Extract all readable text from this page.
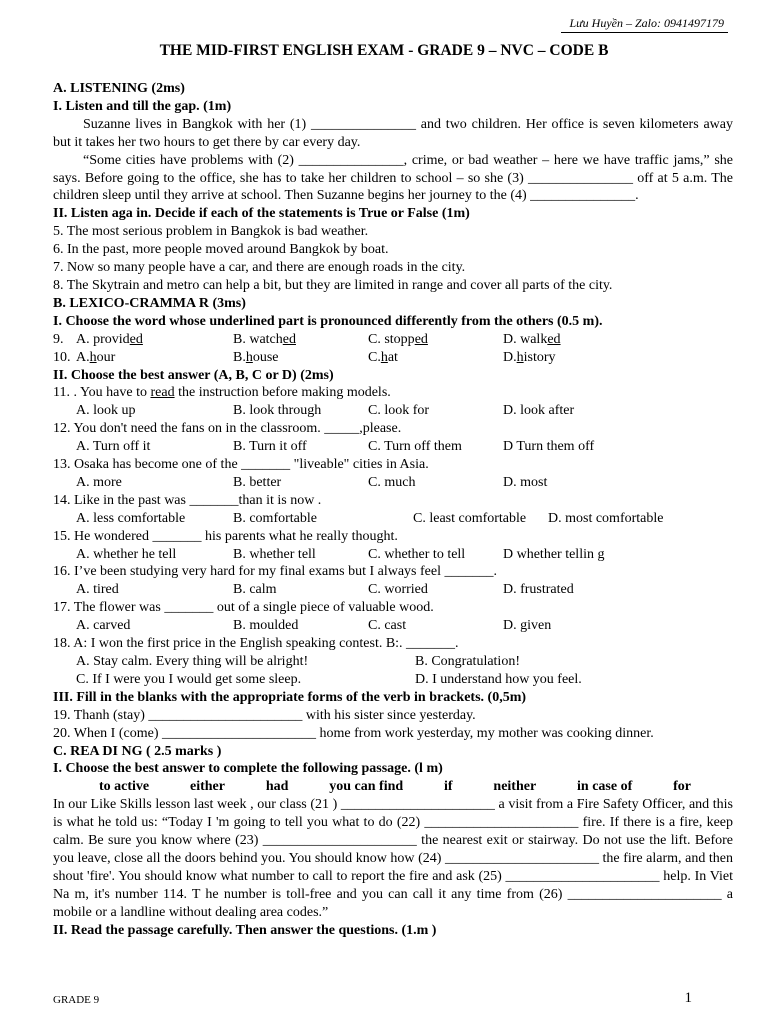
Lưu Huyền – Zalo: 0941497179
THE MID-FIRST ENGLISH EXAM - GRADE 9 – NVC – CODE B
A. LISTENING (2ms)
I. Listen and till the gap. (1m)
Suzanne lives in Bangkok with her (1) _______________ and two children. Her office is seven kilometers away but it takes her two hours to get there by car every day.
“Some cities have problems with (2) _______________, crime, or bad weather – here we have traffic jams,” she says. Before going to the office, she has to take her children to school – so she (3) _______________ off at 5 a.m. The children sleep until they arrive at school. Then Suzanne begins her journey to the (4) _______________.
II. Listen aga in. Decide if each of the statements is True or False (1m)
5. The most serious problem in Bangkok is bad weather.
6. In the past, more people moved around Bangkok by boat.
7. Now so many people have a car, and there are enough roads in the city.
8. The Skytrain and metro can help a bit, but they are limited in range and cover all parts of the city.
B. LEXICO-CRAMMA R (3ms)
I. Choose the word whose underlined part is pronounced differently from the others (0.5 m).
9. A. provided	B. watched	C. stopped	D. walked
10. A.hour	B.house	C.hat	D.history
II. Choose the best answer (A, B, C or D) (2ms)
11. . You have to read the instruction before making models.
A. look up	B. look through	C. look for	D. look after
12. You don't need the fans on in the classroom. _____,please.
A. Turn off it	B. Turn it off	C. Turn off them	D Turn them off
13. Osaka has become one of the _______ "liveable" cities in Asia.
A. more	B. better	C. much	D. most
14. Like in the past was _______than it is now .
A. less comfortable	B. comfortable	C. least comfortable	D. most comfortable
15. He wondered _______ his parents what he really thought.
A. whether he tell	B. whether tell	C. whether to tell	D whether tellin g
16. I’ve been studying very hard for my final exams but I always feel _______.
A. tired	B. calm	C. worried	D. frustrated
17. The flower was _______ out of a single piece of valuable wood.
A. carved	B. moulded	C. cast	D. given
18. A: I won the first price in the English speaking contest. B:. _______.
A. Stay calm. Every thing will be alright!	B. Congratulation!
C. If I were you I would get some sleep.	D. I understand how you feel.
III. Fill in the blanks with the appropriate forms of the verb in brackets. (0,5m)
19. Thanh (stay) ______________________ with his sister since yesterday.
20. When I (come) ______________________ home from work yesterday, my mother was cooking dinner.
C. REA DI NG ( 2.5 marks )
I. Choose the best answer to complete the following passage. (l m)
to active	either	had	you can find	if	neither	in case of	for
In our Like Skills lesson last week , our class (21 ) ______________________ a visit from a Fire Safety Officer, and this is what he told us: “Today I 'm going to tell you what to do (22) ______________________ fire. If there is a fire, keep calm. Be sure you know where (23) ______________________ the nearest exit or stairway. Do not use the lift. Before you leave, close all the doors behind you. You should know how (24) ______________________ the fire alarm, and then shout 'fire'. You should know what number to call to report the fire and ask (25) ______________________ help. In Viet Na m, it's number 114. T he number is toll-free and you can call it any time from (26) ______________________ a mobile or a landline without dealing area codes.”
II. Read the passage carefully. Then answer the questions. (1.m )
GRADE 9	1
